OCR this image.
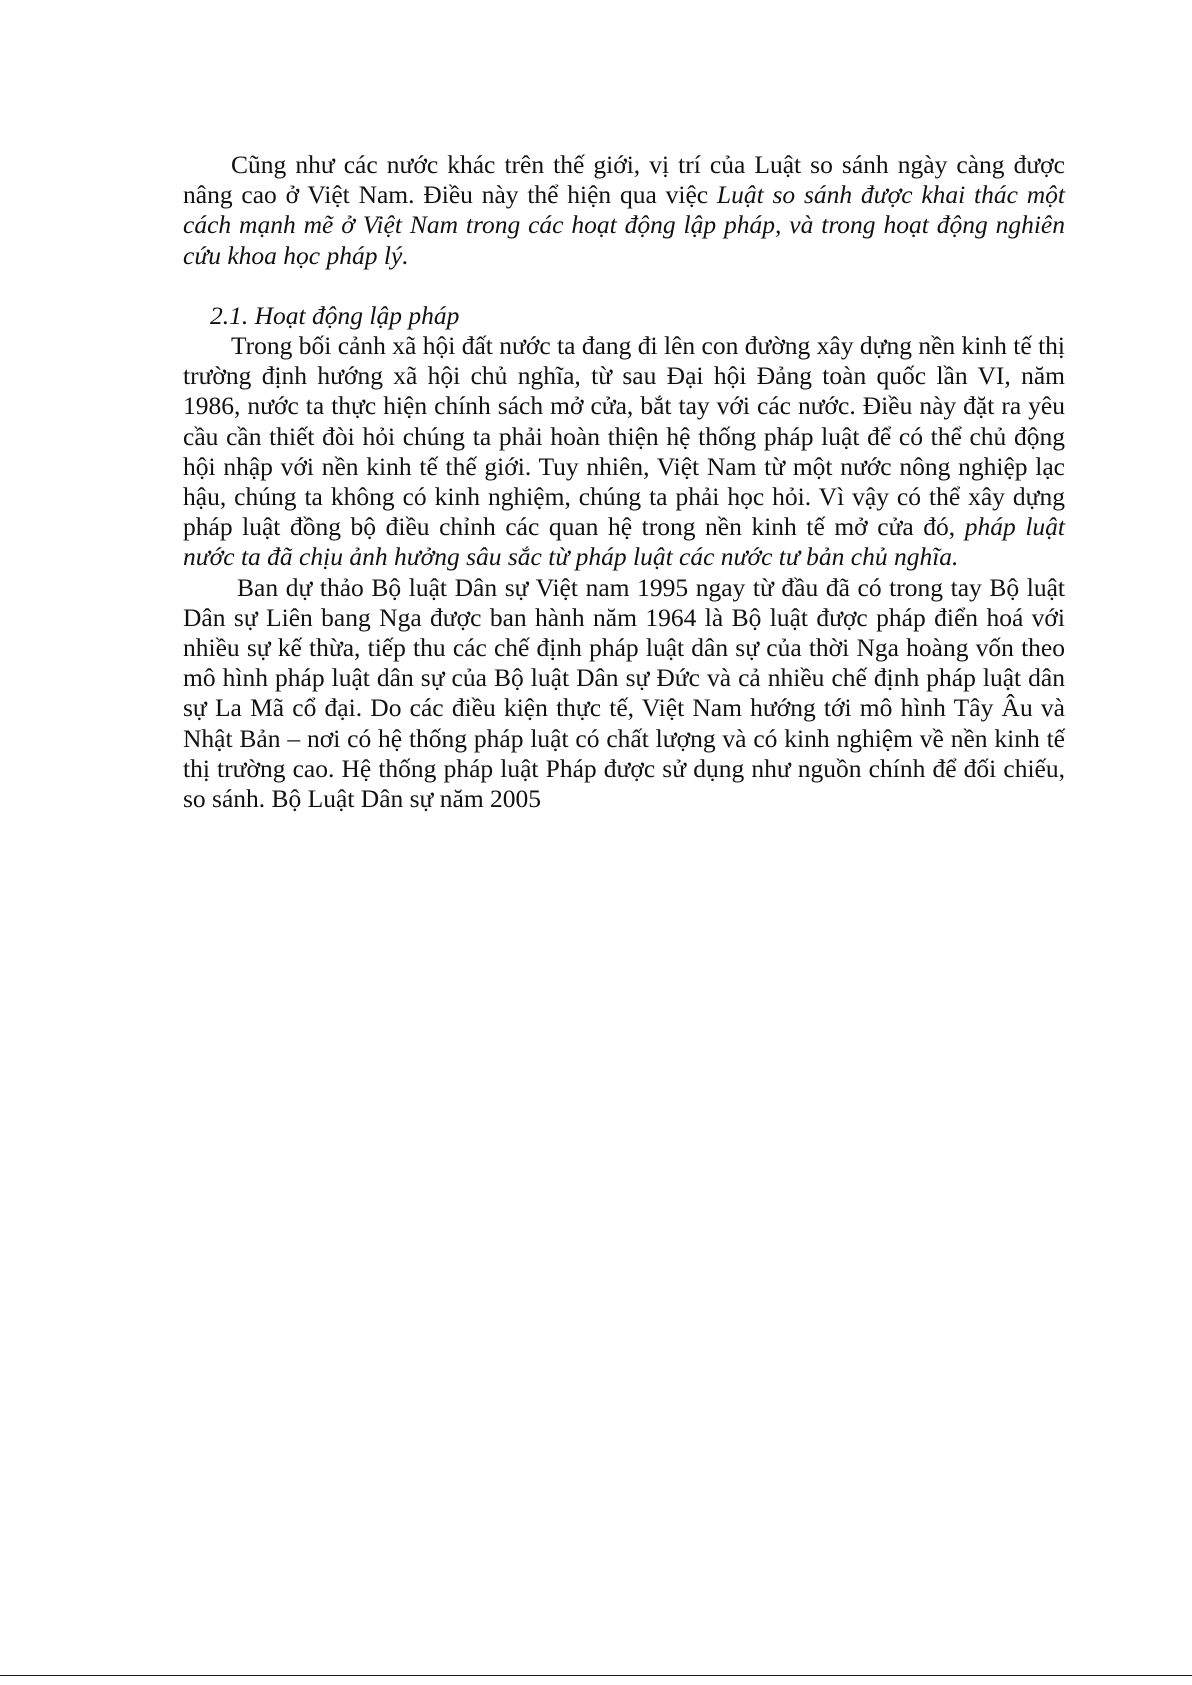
Cũng như các nước khác trên thế giới, vị trí của Luật so sánh ngày càng được nâng cao ở Việt Nam. Điều này thể hiện qua việc Luật so sánh được khai thác một cách mạnh mẽ ở Việt Nam trong các hoạt động lập pháp, và trong hoạt động nghiên cứu khoa học pháp lý.

2.1. Hoạt động lập pháp

Trong bối cảnh xã hội đất nước ta đang đi lên con đường xây dựng nền kinh tế thị trường định hướng xã hội chủ nghĩa, từ sau Đại hội Đảng toàn quốc lần VI, năm 1986, nước ta thực hiện chính sách mở cửa, bắt tay với các nước. Điều này đặt ra yêu cầu cần thiết đòi hỏi chúng ta phải hoàn thiện hệ thống pháp luật để có thể chủ động hội nhập với nền kinh tế thế giới. Tuy nhiên, Việt Nam từ một nước nông nghiệp lạc hậu, chúng ta không có kinh nghiệm, chúng ta phải học hỏi. Vì vậy có thể xây dựng pháp luật đồng bộ điều chỉnh các quan hệ trong nền kinh tế mở cửa đó, pháp luật nước ta đã chịu ảnh hưởng sâu sắc từ pháp luật các nước tư bản chủ nghĩa.

Ban dự thảo Bộ luật Dân sự Việt nam 1995 ngay từ đầu đã có trong tay Bộ luật Dân sự Liên bang Nga được ban hành năm 1964 là Bộ luật được pháp điển hoá với nhiều sự kế thừa, tiếp thu các chế định pháp luật dân sự của thời Nga hoàng vốn theo mô hình pháp luật dân sự của Bộ luật Dân sự Đức và cả nhiều chế định pháp luật dân sự La Mã cổ đại. Do các điều kiện thực tế, Việt Nam hướng tới mô hình Tây Âu và Nhật Bản – nơi có hệ thống pháp luật có chất lượng và có kinh nghiệm về nền kinh tế thị trường cao. Hệ thống pháp luật Pháp được sử dụng như nguồn chính để đối chiếu, so sánh. Bộ Luật Dân sự năm 2005
